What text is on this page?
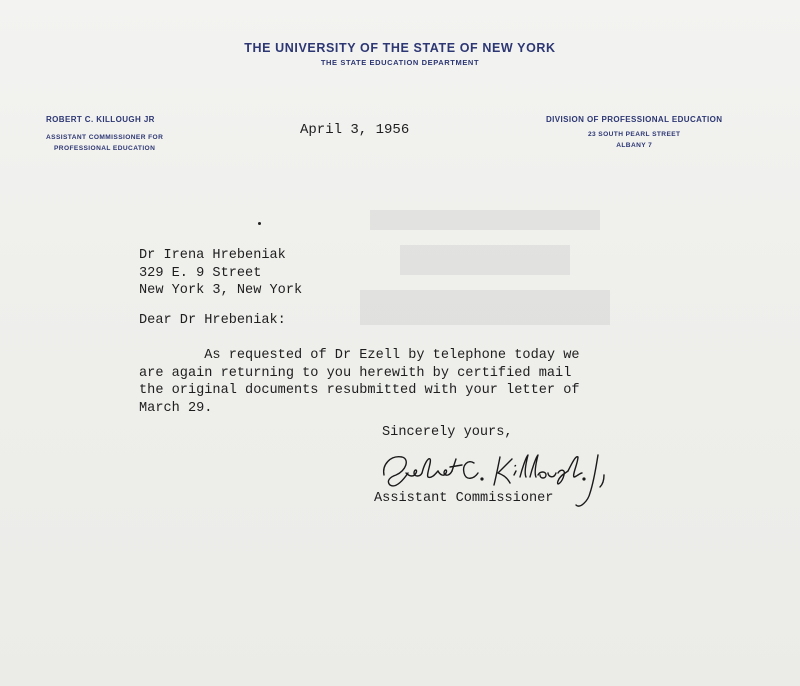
THE UNIVERSITY OF THE STATE OF NEW YORK
THE STATE EDUCATION DEPARTMENT
ROBERT C. KILLOUGH JR
ASSISTANT COMMISSIONER FOR
PROFESSIONAL EDUCATION
DIVISION OF PROFESSIONAL EDUCATION
23 SOUTH PEARL STREET
ALBANY 7
April 3, 1956
Dr Irena Hrebeniak
329 E. 9 Street
New York 3, New York
Dear Dr Hrebeniak:
As requested of Dr Ezell by telephone today we
are again returning to you herewith by certified mail
the original documents resubmitted with your letter of
March 29.
Sincerely yours,
Assistant Commissioner
